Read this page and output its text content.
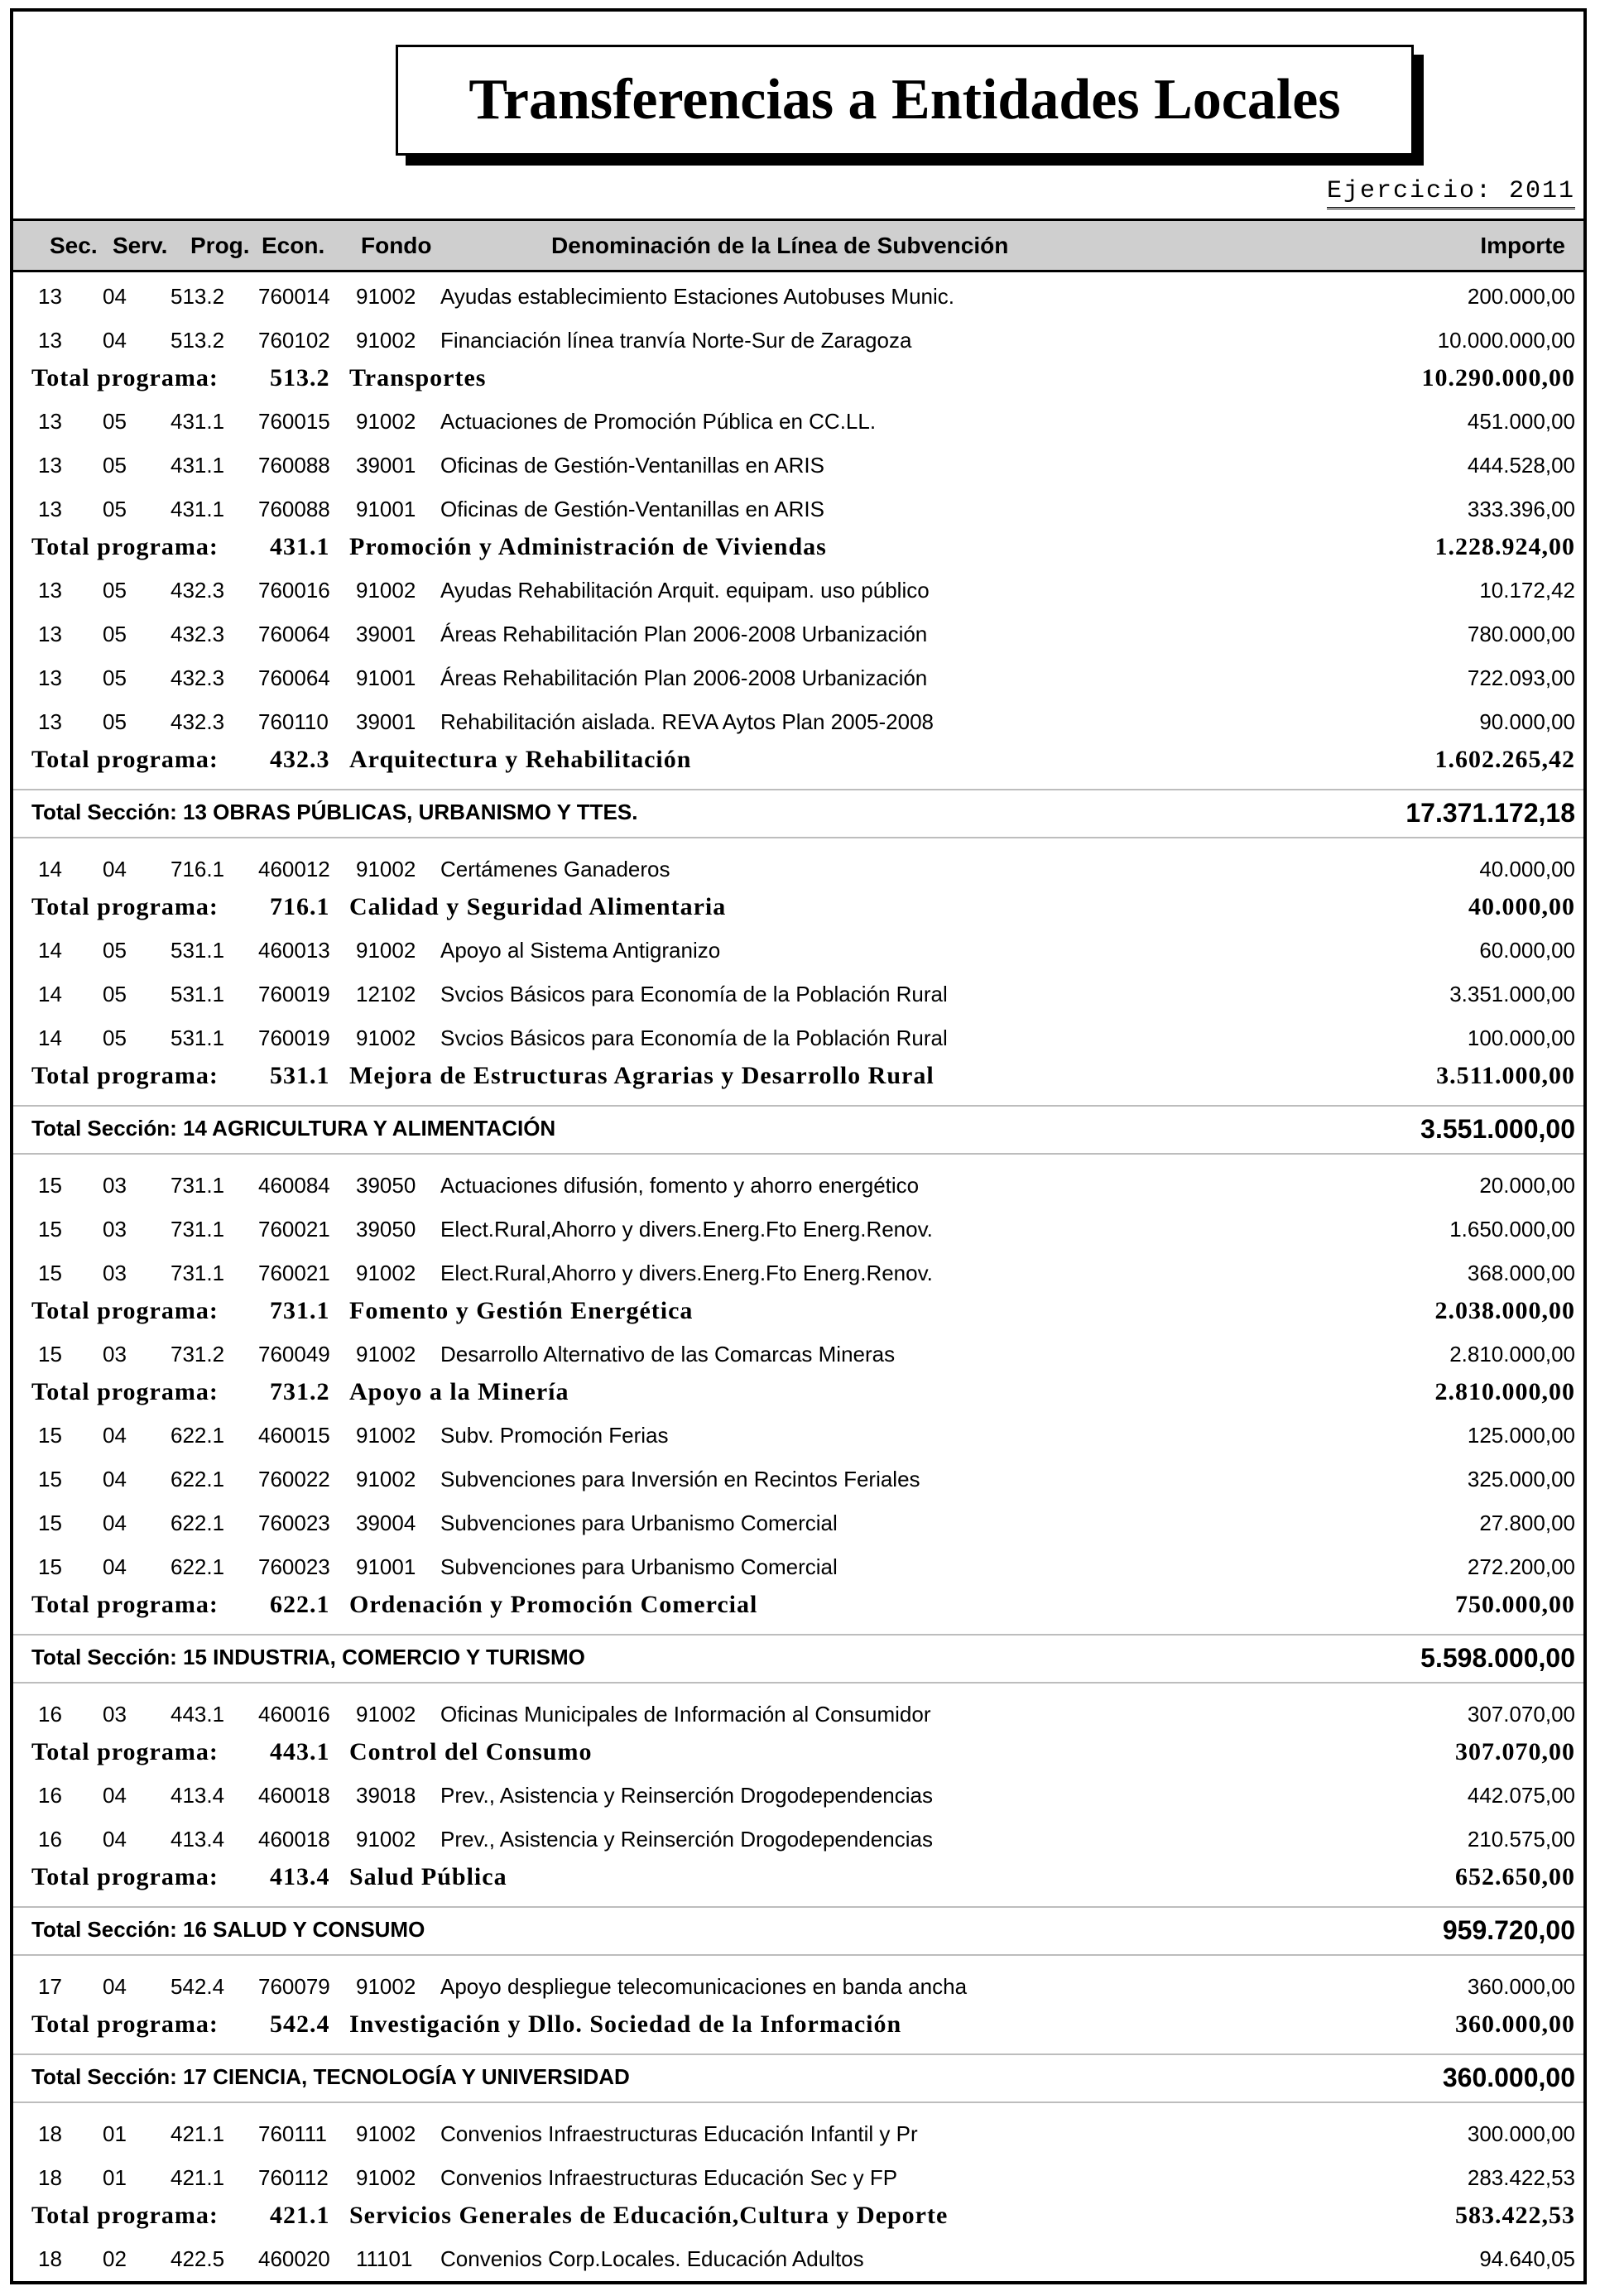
Transferencias a Entidades Locales
Ejercicio: 2011
Sec. Serv. Prog. Econ. Fondo	Denominación de la Línea de Subvención	Importe
13 04 513.2 760014 91002 Ayudas establecimiento Estaciones Autobuses Munic.	200.000,00
13 04 513.2 760102 91002 Financiación línea tranvía Norte-Sur de Zaragoza	10.000.000,00
Total programa: 513.2 Transportes	10.290.000,00
13 05 431.1 760015 91002 Actuaciones de Promoción Pública en CC.LL.	451.000,00
13 05 431.1 760088 39001 Oficinas de Gestión-Ventanillas en ARIS	444.528,00
13 05 431.1 760088 91001 Oficinas de Gestión-Ventanillas en ARIS	333.396,00
Total programa: 431.1 Promoción y Administración de Viviendas	1.228.924,00
13 05 432.3 760016 91002 Ayudas Rehabilitación Arquit. equipam. uso público	10.172,42
13 05 432.3 760064 39001 Áreas Rehabilitación Plan 2006-2008 Urbanización	780.000,00
13 05 432.3 760064 91001 Áreas Rehabilitación Plan 2006-2008 Urbanización	722.093,00
13 05 432.3 760110 39001 Rehabilitación aislada. REVA Aytos Plan 2005-2008	90.000,00
Total programa: 432.3 Arquitectura y Rehabilitación	1.602.265,42
Total Sección: 13 OBRAS PÚBLICAS, URBANISMO Y TTES.	17.371.172,18
14 04 716.1 460012 91002 Certámenes Ganaderos	40.000,00
Total programa: 716.1 Calidad y Seguridad Alimentaria	40.000,00
14 05 531.1 460013 91002 Apoyo al Sistema Antigranizo	60.000,00
14 05 531.1 760019 12102 Svcios Básicos para Economía de la Población Rural	3.351.000,00
14 05 531.1 760019 91002 Svcios Básicos para Economía de la Población Rural	100.000,00
Total programa: 531.1 Mejora de Estructuras Agrarias y Desarrollo Rural	3.511.000,00
Total Sección: 14 AGRICULTURA Y ALIMENTACIÓN	3.551.000,00
15 03 731.1 460084 39050 Actuaciones difusión, fomento y ahorro energético	20.000,00
15 03 731.1 760021 39050 Elect.Rural,Ahorro y divers.Energ.Fto Energ.Renov.	1.650.000,00
15 03 731.1 760021 91002 Elect.Rural,Ahorro y divers.Energ.Fto Energ.Renov.	368.000,00
Total programa: 731.1 Fomento y Gestión Energética	2.038.000,00
15 03 731.2 760049 91002 Desarrollo Alternativo de las Comarcas Mineras	2.810.000,00
Total programa: 731.2 Apoyo a la Minería	2.810.000,00
15 04 622.1 460015 91002 Subv. Promoción Ferias	125.000,00
15 04 622.1 760022 91002 Subvenciones para Inversión en Recintos Feriales	325.000,00
15 04 622.1 760023 39004 Subvenciones para Urbanismo Comercial	27.800,00
15 04 622.1 760023 91001 Subvenciones para Urbanismo Comercial	272.200,00
Total programa: 622.1 Ordenación y Promoción Comercial	750.000,00
Total Sección: 15 INDUSTRIA, COMERCIO Y TURISMO	5.598.000,00
16 03 443.1 460016 91002 Oficinas Municipales de Información al Consumidor	307.070,00
Total programa: 443.1 Control del Consumo	307.070,00
16 04 413.4 460018 39018 Prev., Asistencia y Reinserción Drogodependencias	442.075,00
16 04 413.4 460018 91002 Prev., Asistencia y Reinserción Drogodependencias	210.575,00
Total programa: 413.4 Salud Pública	652.650,00
Total Sección: 16 SALUD Y CONSUMO	959.720,00
17 04 542.4 760079 91002 Apoyo despliegue telecomunicaciones en banda ancha	360.000,00
Total programa: 542.4 Investigación y Dllo. Sociedad de la Información	360.000,00
Total Sección: 17 CIENCIA, TECNOLOGÍA Y UNIVERSIDAD	360.000,00
18 01 421.1 760111 91002 Convenios Infraestructuras Educación Infantil y Pr	300.000,00
18 01 421.1 760112 91002 Convenios Infraestructuras Educación Sec y FP	283.422,53
Total programa: 421.1 Servicios Generales de Educación,Cultura y Deporte	583.422,53
18 02 422.5 460020 11101 Convenios Corp.Locales. Educación Adultos	94.640,05
